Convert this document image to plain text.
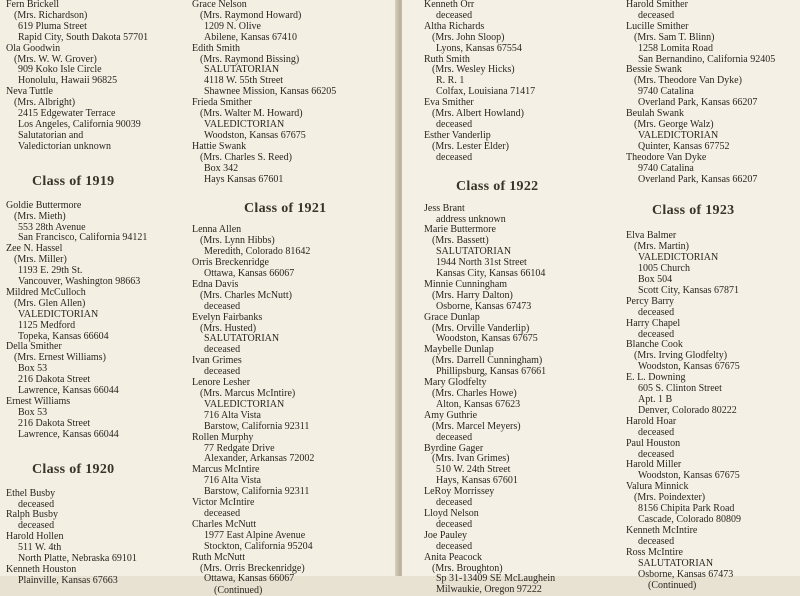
Fern Brickell
(Mrs. Richardson)
619 Pluma Street
Rapid City, South Dakota 57701
Ola Goodwin
(Mrs. W. W. Grover)
909 Koko Isle Circle
Honolulu, Hawaii 96825
Neva Tuttle
(Mrs. Albright)
2415 Edgewater Terrace
Los Angeles, California 90039
Salutatorian and
Valedictorian unknown
Class of 1919
Goldie Buttermore
(Mrs. Mieth)
553 28th Avenue
San Francisco, California 94121
Zee N. Hassel
(Mrs. Miller)
1193 E. 29th St.
Vancouver, Washington 98663
Mildred McCulloch
(Mrs. Glen Allen)
VALEDICTORIAN
1125 Medford
Topeka, Kansas 66604
Della Smither
(Mrs. Ernest Williams)
Box 53
216 Dakota Street
Lawrence, Kansas 66044
Ernest Williams
Box 53
216 Dakota Street
Lawrence, Kansas 66044
Class of 1920
Ethel Busby
deceased
Ralph Busby
deceased
Harold Hollen
511 W. 4th
North Platte, Nebraska 69101
Kenneth Houston
Plainville, Kansas 67663
Grace Nelson
(Mrs. Raymond Howard)
1209 N. Olive
Abilene, Kansas 67410
Edith Smith
(Mrs. Raymond Bissing)
SALUTATORIAN
4118 W. 55th Street
Shawnee Mission, Kansas 66205
Frieda Smither
(Mrs. Walter M. Howard)
VALEDICTORIAN
Woodston, Kansas 67675
Hattie Swank
(Mrs. Charles S. Reed)
Box 342
Hays Kansas 67601
Class of 1921
Lenna Allen
(Mrs. Lynn Hibbs)
Meredith, Colorado 81642
Orris Breckenridge
Ottawa, Kansas 66067
Edna Davis
(Mrs. Charles McNutt)
deceased
Evelyn Fairbanks
(Mrs. Husted)
SALUTATORIAN
deceased
Ivan Grimes
deceased
Lenore Lesher
(Mrs. Marcus McIntire)
VALEDICTORIAN
716 Alta Vista
Barstow, California 92311
Rollen Murphy
77 Redgate Drive
Alexander, Arkansas 72002
Marcus McIntire
716 Alta Vista
Barstow, California 92311
Victor McIntire
deceased
Charles McNutt
1977 East Alpine Avenue
Stockton, California 95204
Ruth McNutt
(Mrs. Orris Breckenridge)
Ottawa, Kansas 66067
(Continued)
Kenneth Orr
deceased
Altha Richards
(Mrs. John Sloop)
Lyons, Kansas 67554
Ruth Smith
(Mrs. Wesley Hicks)
R. R. 1
Colfax, Louisiana 71417
Eva Smither
(Mrs. Albert Howland)
deceased
Esther Vanderlip
(Mrs. Lester Elder)
deceased
Class of 1922
Jess Brant
address unknown
Marie Buttermore
(Mrs. Bassett)
SALUTATORIAN
1944 North 31st Street
Kansas City, Kansas 66104
Minnie Cunningham
(Mrs. Harry Dalton)
Osborne, Kansas 67473
Grace Dunlap
(Mrs. Orville Vanderlip)
Woodston, Kansas 67675
Maybelle Dunlap
(Mrs. Darrell Cunningham)
Phillipsburg, Kansas 67661
Mary Glodfelty
(Mrs. Charles Howe)
Alton, Kansas 67623
Amy Guthrie
(Mrs. Marcel Meyers)
deceased
Byrdine Gager
(Mrs. Ivan Grimes)
510 W. 24th Street
Hays, Kansas 67601
LeRoy Morrissey
deceased
Lloyd Nelson
deceased
Joe Pauley
deceased
Anita Peacock
(Mrs. Broughton)
Sp 31-13409 SE McLaughein
Milwaukie, Oregon 97222
Harold Smither
deceased
Lucille Smither
(Mrs. Sam T. Blinn)
1258 Lomita Road
San Bernandino, California 92405
Bessie Swank
(Mrs. Theodore Van Dyke)
9740 Catalina
Overland Park, Kansas 66207
Beulah Swank
(Mrs. George Walz)
VALEDICTORIAN
Quinter, Kansas 67752
Theodore Van Dyke
9740 Catalina
Overland Park, Kansas 66207
Class of 1923
Elva Balmer
(Mrs. Martin)
VALEDICTORIAN
1005 Church
Box 504
Scott City, Kansas 67871
Percy Barry
deceased
Harry Chapel
deceased
Blanche Cook
(Mrs. Irving Glodfelty)
Woodston, Kansas 67675
E. L. Downing
605 S. Clinton Street
Apt. 1 B
Denver, Colorado 80222
Harold Hoar
deceased
Paul Houston
deceased
Harold Miller
Woodston, Kansas 67675
Valura Minnick
(Mrs. Poindexter)
8156 Chipita Park Road
Cascade, Colorado 80809
Kenneth McIntire
deceased
Ross McIntire
SALUTATORIAN
Osborne, Kansas 67473
(Continued)
